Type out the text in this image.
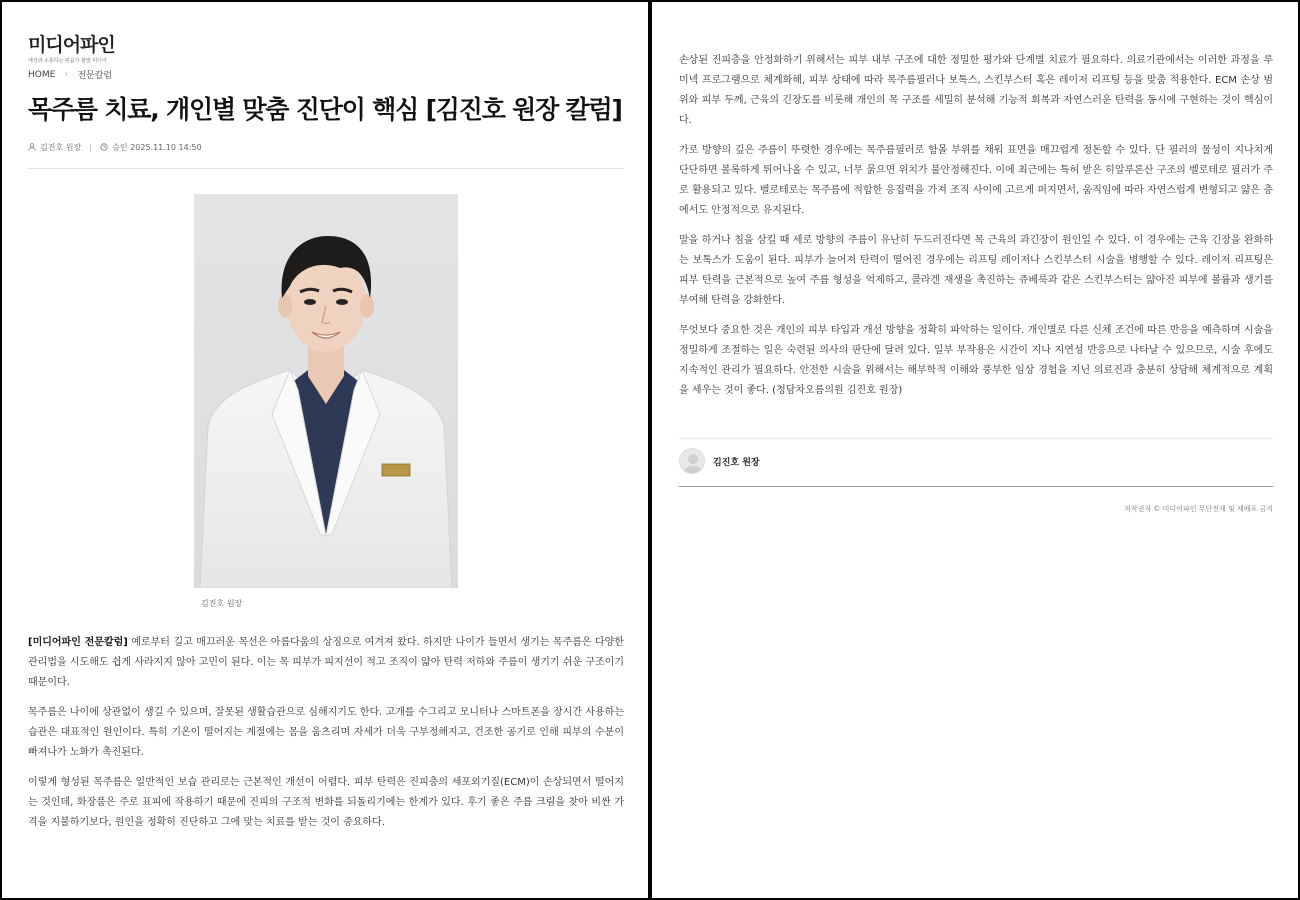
미디어파인
세상과 소통하는 믿음가 할말 미디어
HOME › 전문칼럼
목주름 치료, 개인별 맞춤 진단이 핵심 [김진호 원장 칼럼]
김진호 원장	승인 2025.11.10 14:50
김진호 원장

[미디어파인 전문칼럼] 예로부터 길고 매끄러운 목선은 아름다움의 상징으로 여겨져 왔다. 하지만 나이가 들면서 생기는 목주름은 다양한 관리법을 시도해도 쉽게 사라지지 않아 고민이 된다. 이는 목 피부가 피지선이 적고 조직이 얇아 탄력 저하와 주름이 생기기 쉬운 구조이기 때문이다.

목주름은 나이에 상관없이 생길 수 있으며, 잘못된 생활습관으로 심해지기도 한다. 고개를 수그리고 모니터나 스마트폰을 장시간 사용하는 습관은 대표적인 원인이다. 특히 기온이 떨어지는 계절에는 몸을 움츠리며 자세가 더욱 구부정해지고, 건조한 공기로 인해 피부의 수분이 빠져나가 노화가 촉진된다.

이렇게 형성된 목주름은 일반적인 보습 관리로는 근본적인 개선이 어렵다. 피부 탄력은 진피층의 세포외기질(ECM)이 손상되면서 떨어지는 것인데, 화장품은 주로 표피에 작용하기 때문에 진피의 구조적 변화를 되돌리기에는 한계가 있다. 후기 좋은 주름 크림을 찾아 비싼 가격을 지불하기보다, 원인을 정확히 진단하고 그에 맞는 치료를 받는 것이 중요하다.

손상된 진피층을 안정화하기 위해서는 피부 내부 구조에 대한 정밀한 평가와 단계별 치료가 필요하다. 의료기관에서는 이러한 과정을 루미넥 프로그램으로 체계화해, 피부 상태에 따라 목주름필러나 보톡스, 스킨부스터 혹은 레이저 리프팅 등을 맞춤 적용한다. ECM 손상 범위와 피부 두께, 근육의 긴장도를 비롯해 개인의 목 구조를 세밀히 분석해 기능적 회복과 자연스러운 탄력을 동시에 구현하는 것이 핵심이다.

가로 방향의 깊은 주름이 뚜렷한 경우에는 목주름필러로 함몰 부위를 채워 표면을 매끄럽게 정돈할 수 있다. 단 필러의 물성이 지나치게 단단하면 볼록하게 튀어나올 수 있고, 너무 묽으면 위치가 불안정해진다. 이에 최근에는 특허 받은 히알루론산 구조의 벨로테로 필러가 주로 활용되고 있다. 벨로테로는 목주름에 적합한 응집력을 가져 조직 사이에 고르게 퍼지면서, 움직임에 따라 자연스럽게 변형되고 얇은 층에서도 안정적으로 유지된다.

말을 하거나 침을 삼킬 때 세로 방향의 주름이 유난히 두드러진다면 목 근육의 과긴장이 원인일 수 있다. 이 경우에는 근육 긴장을 완화하는 보톡스가 도움이 된다. 피부가 늘어져 탄력이 떨어진 경우에는 리프팅 레이저나 스킨부스터 시술을 병행할 수 있다. 레이저 리프팅은 피부 탄력을 근본적으로 높여 주름 형성을 억제하고, 콜라겐 재생을 촉진하는 쥬베룩과 같은 스킨부스터는 얇아진 피부에 볼륨과 생기를 부여해 탄력을 강화한다.

무엇보다 중요한 것은 개인의 피부 타입과 개선 방향을 정확히 파악하는 일이다. 개인별로 다른 신체 조건에 따른 반응을 예측하며 시술을 정밀하게 조절하는 일은 숙련된 의사의 판단에 달려 있다. 일부 부작용은 시간이 지나 지연성 반응으로 나타날 수 있으므로, 시술 후에도 지속적인 관리가 필요하다. 안전한 시술을 위해서는 해부학적 이해와 풍부한 임상 경험을 지닌 의료진과 충분히 상담해 체계적으로 계획을 세우는 것이 좋다. (청담차오름의원 김진호 원장)

김진호 원장
저작권자 © 미디어파인 무단전재 및 재배포 금지
